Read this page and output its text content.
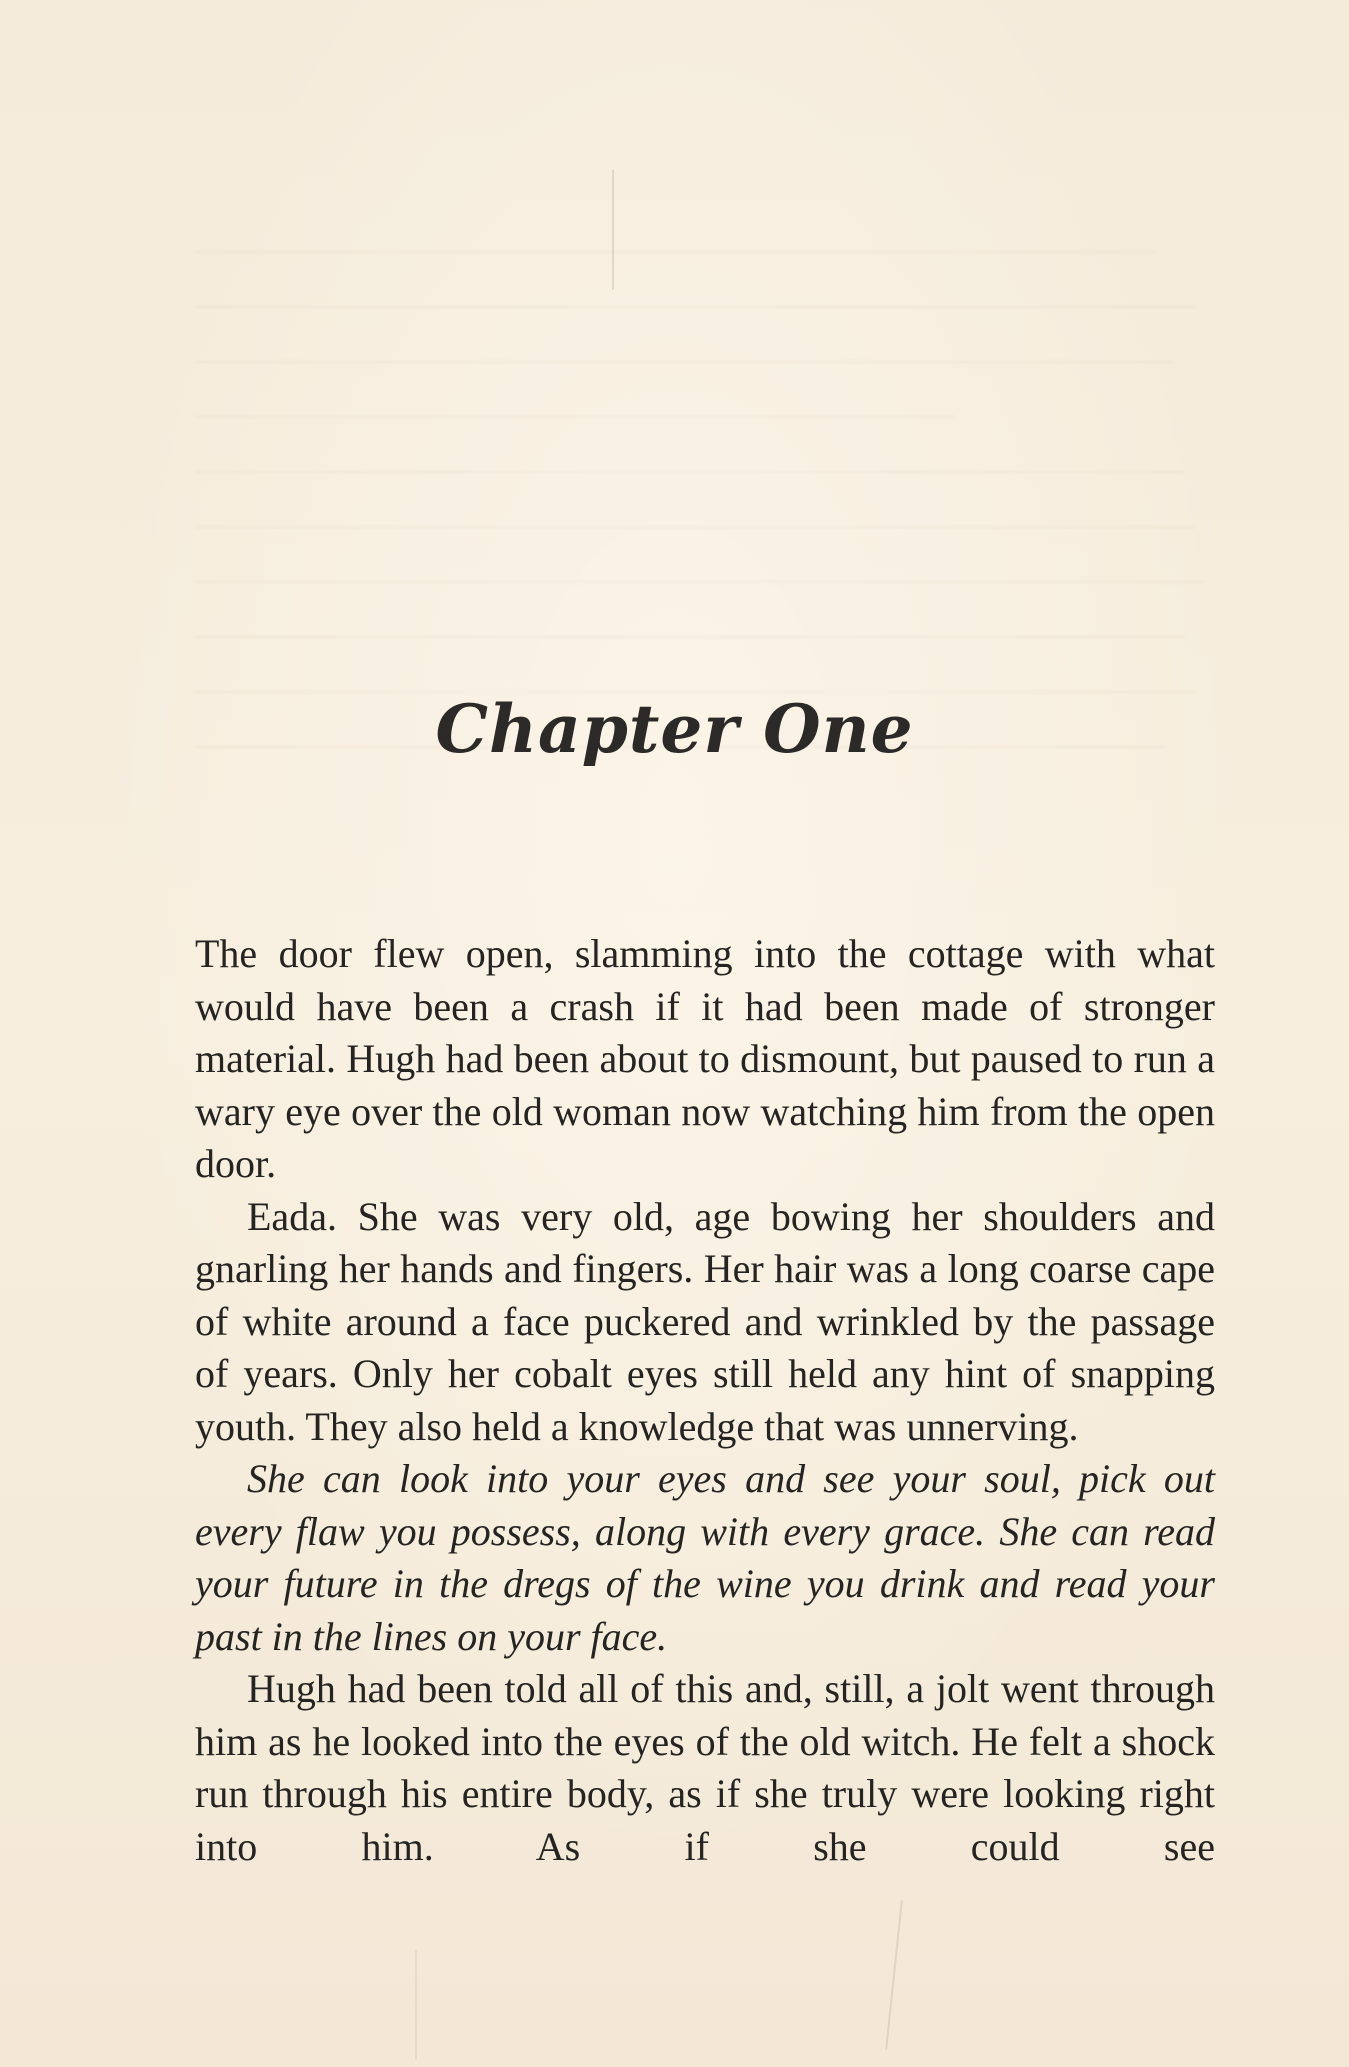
Chapter One

The door flew open, slamming into the cottage with what would have been a crash if it had been made of stronger material. Hugh had been about to dismount, but paused to run a wary eye over the old woman now watching him from the open door.

Eada. She was very old, age bowing her shoulders and gnarling her hands and fingers. Her hair was a long coarse cape of white around a face puckered and wrinkled by the passage of years. Only her cobalt eyes still held any hint of snapping youth. They also held a knowledge that was unnerving.

She can look into your eyes and see your soul, pick out every flaw you possess, along with every grace. She can read your future in the dregs of the wine you drink and read your past in the lines on your face.

Hugh had been told all of this and, still, a jolt went through him as he looked into the eyes of the old witch. He felt a shock run through his entire body, as if she truly were looking right into him. As if she could see
